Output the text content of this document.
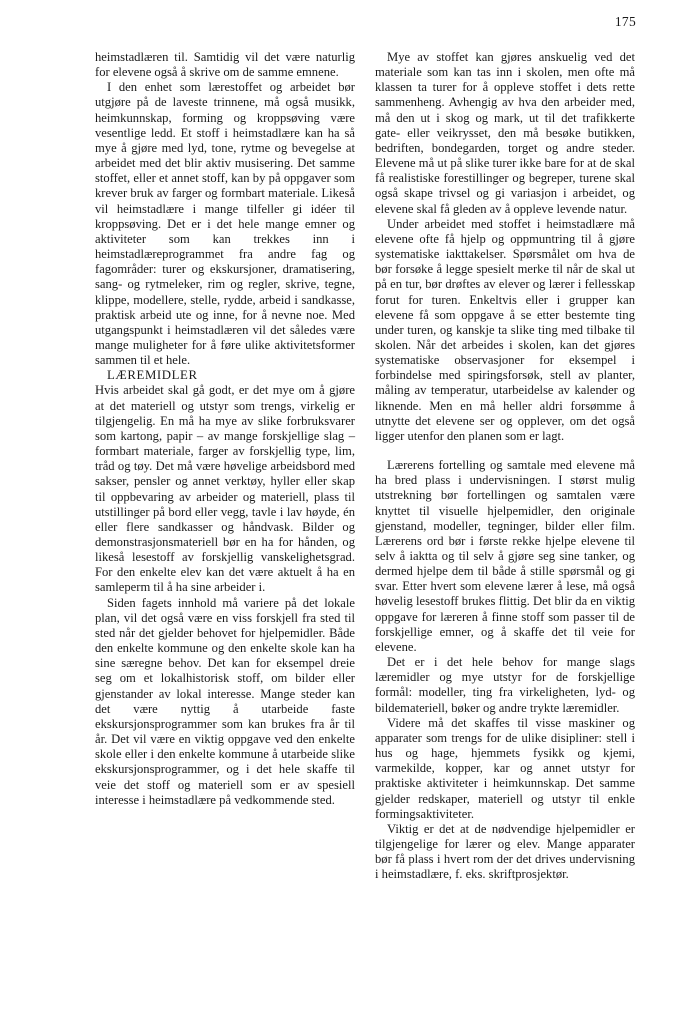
175

heimstadlæren til. Samtidig vil det være naturlig for elevene også å skrive om de samme emnene.

I den enhet som lærestoffet og arbeidet bør utgjøre på de laveste trinnene, må også musikk, heimkunnskap, forming og kroppsøving være vesentlige ledd. Et stoff i heimstadlære kan ha så mye å gjøre med lyd, tone, rytme og bevegelse at arbeidet med det blir aktiv musisering. Det samme stoffet, eller et annet stoff, kan by på oppgaver som krever bruk av farger og formbart materiale. Likeså vil heimstadlære i mange tilfeller gi idéer til kroppsøving. Det er i det hele mange emner og aktiviteter som kan trekkes inn i heimstadlæreprogrammet fra andre fag og fagområder: turer og ekskursjoner, dramatisering, sang- og rytmeleker, rim og regler, skrive, tegne, klippe, modellere, stelle, rydde, arbeid i sandkasse, praktisk arbeid ute og inne, for å nevne noe. Med utgangspunkt i heimstadlæren vil det således være mange muligheter for å føre ulike aktivitetsformer sammen til et hele.

LÆREMIDLER

Hvis arbeidet skal gå godt, er det mye om å gjøre at det materiell og utstyr som trengs, virkelig er tilgjengelig. En må ha mye av slike forbruksvarer som kartong, papir – av mange forskjellige slag – formbart materiale, farger av forskjellig type, lim, tråd og tøy. Det må være høvelige arbeidsbord med sakser, pensler og annet verktøy, hyller eller skap til oppbevaring av arbeider og materiell, plass til utstillinger på bord eller vegg, tavle i lav høyde, én eller flere sandkasser og håndvask. Bilder og demonstrasjonsmateriell bør en ha for hånden, og likeså lesestoff av forskjellig vanskelighetsgrad. For den enkelte elev kan det være aktuelt å ha en samleperm til å ha sine arbeider i.

Siden fagets innhold må variere på det lokale plan, vil det også være en viss forskjell fra sted til sted når det gjelder behovet for hjelpemidler. Både den enkelte kommune og den enkelte skole kan ha sine særegne behov. Det kan for eksempel dreie seg om et lokalhistorisk stoff, om bilder eller gjenstander av lokal interesse. Mange steder kan det være nyttig å utarbeide faste ekskursjonsprogrammer som kan brukes fra år til år. Det vil være en viktig oppgave ved den enkelte skole eller i den enkelte kommune å utarbeide slike ekskursjonsprogrammer, og i det hele skaffe til veie det stoff og materiell som er av spesiell interesse i heimstadlære på vedkommende sted.

Mye av stoffet kan gjøres anskuelig ved det materiale som kan tas inn i skolen, men ofte må klassen ta turer for å oppleve stoffet i dets rette sammenheng. Avhengig av hva den arbeider med, må den ut i skog og mark, ut til det trafikkerte gate- eller veikrysset, den må besøke butikken, bedriften, bondegarden, torget og andre steder. Elevene må ut på slike turer ikke bare for at de skal få realistiske forestillinger og begreper, turene skal også skape trivsel og gi variasjon i arbeidet, og elevene skal få gleden av å oppleve levende natur.

Under arbeidet med stoffet i heimstadlære må elevene ofte få hjelp og oppmuntring til å gjøre systematiske iakttakelser. Spørsmålet om hva de bør forsøke å legge spesielt merke til når de skal ut på en tur, bør drøftes av elever og lærer i fellesskap forut for turen. Enkeltvis eller i grupper kan elevene få som oppgave å se etter bestemte ting under turen, og kanskje ta slike ting med tilbake til skolen. Når det arbeides i skolen, kan det gjøres systematiske observasjoner for eksempel i forbindelse med spiringsforsøk, stell av planter, måling av temperatur, utarbeidelse av kalender og liknende. Men en må heller aldri forsømme å utnytte det elevene ser og opplever, om det også ligger utenfor den planen som er lagt.

Lærerens fortelling og samtale med elevene må ha bred plass i undervisningen. I størst mulig utstrekning bør fortellingen og samtalen være knyttet til visuelle hjelpemidler, den originale gjenstand, modeller, tegninger, bilder eller film. Lærerens ord bør i første rekke hjelpe elevene til selv å iaktta og til selv å gjøre seg sine tanker, og dermed hjelpe dem til både å stille spørsmål og gi svar. Etter hvert som elevene lærer å lese, må også høvelig lesestoff brukes flittig. Det blir da en viktig oppgave for læreren å finne stoff som passer til de forskjellige emner, og å skaffe det til veie for elevene.

Det er i det hele behov for mange slags læremidler og mye utstyr for de forskjellige formål: modeller, ting fra virkeligheten, lyd- og bildemateriell, bøker og andre trykte læremidler.

Videre må det skaffes til visse maskiner og apparater som trengs for de ulike disipliner: stell i hus og hage, hjemmets fysikk og kjemi, varmekilde, kopper, kar og annet utstyr for praktiske aktiviteter i heimkunnskap. Det samme gjelder redskaper, materiell og utstyr til enkle formingsaktiviteter.

Viktig er det at de nødvendige hjelpemidler er tilgjengelige for lærer og elev. Mange apparater bør få plass i hvert rom der det drives undervisning i heimstadlære, f. eks. skriftprosjektør.
